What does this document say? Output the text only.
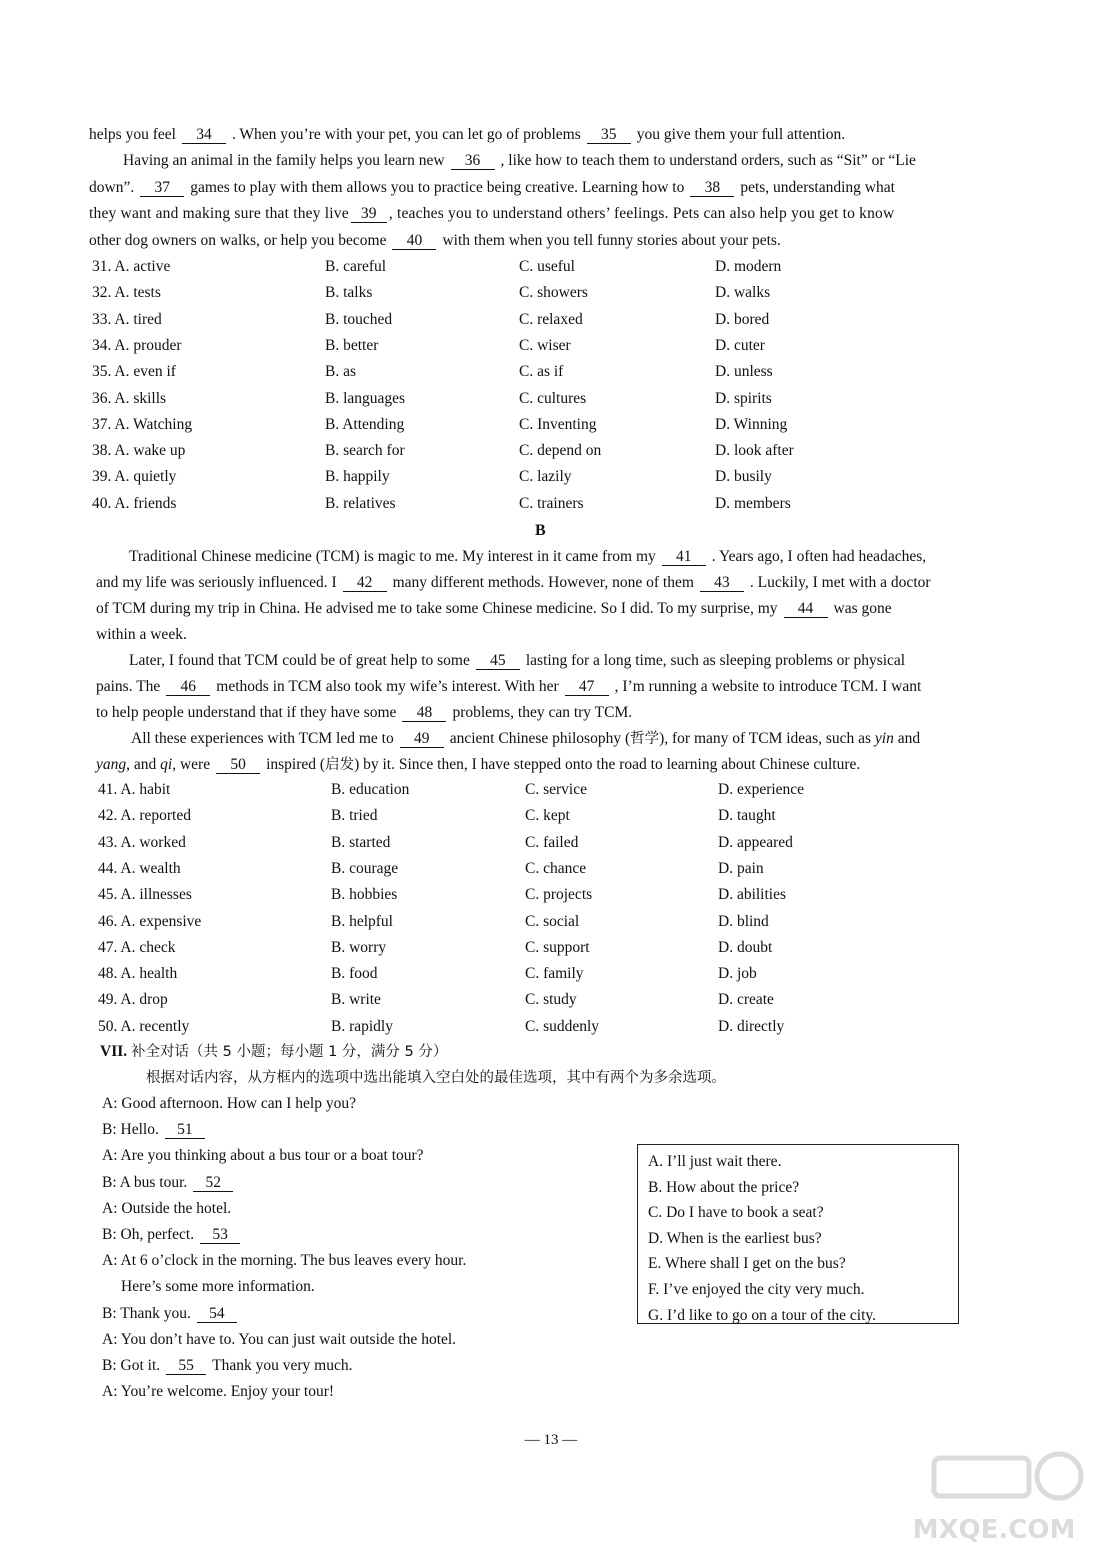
helps you feel 34 . When you’re with your pet, you can let go of problems 35 you give them your full attention.
Having an animal in the family helps you learn new 36 , like how to teach them to understand orders, such as “Sit” or “Lie
down”. 37 games to play with them allows you to practice being creative. Learning how to 38 pets, understanding what
they want and making sure that they live 39 , teaches you to understand others’ feelings. Pets can also help you get to know
other dog owners on walks, or help you become 40 with them when you tell funny stories about your pets.
31. A. active	B. careful	C. useful	D. modern
32. A. tests	B. talks	C. showers	D. walks
33. A. tired	B. touched	C. relaxed	D. bored
34. A. prouder	B. better	C. wiser	D. cuter
35. A. even if	B. as	C. as if	D. unless
36. A. skills	B. languages	C. cultures	D. spirits
37. A. Watching	B. Attending	C. Inventing	D. Winning
38. A. wake up	B. search for	C. depend on	D. look after
39. A. quietly	B. happily	C. lazily	D. busily
40. A. friends	B. relatives	C. trainers	D. members
B
Traditional Chinese medicine (TCM) is magic to me. My interest in it came from my 41 . Years ago, I often had headaches,
and my life was seriously influenced. I 42 many different methods. However, none of them 43 . Luckily, I met with a doctor
of TCM during my trip in China. He advised me to take some Chinese medicine. So I did. To my surprise, my 44 was gone
within a week.
Later, I found that TCM could be of great help to some 45 lasting for a long time, such as sleeping problems or physical
pains. The 46 methods in TCM also took my wife’s interest. With her 47 , I’m running a website to introduce TCM. I want
to help people understand that if they have some 48 problems, they can try TCM.
All these experiences with TCM led me to 49 ancient Chinese philosophy (哲学), for many of TCM ideas, such as yin and
yang, and qi, were 50 inspired (启发) by it. Since then, I have stepped onto the road to learning about Chinese culture.
41. A. habit	B. education	C. service	D. experience
42. A. reported	B. tried	C. kept	D. taught
43. A. worked	B. started	C. failed	D. appeared
44. A. wealth	B. courage	C. chance	D. pain
45. A. illnesses	B. hobbies	C. projects	D. abilities
46. A. expensive	B. helpful	C. social	D. blind
47. A. check	B. worry	C. support	D. doubt
48. A. health	B. food	C. family	D. job
49. A. drop	B. write	C. study	D. create
50. A. recently	B. rapidly	C. suddenly	D. directly
VII. 补全对话（共 5 小题；每小题 1 分，满分 5 分）
根据对话内容，从方框内的选项中选出能填入空白处的最佳选项，其中有两个为多余选项。
A: Good afternoon. How can I help you?
B: Hello. 51
A: Are you thinking about a bus tour or a boat tour?
B: A bus tour. 52
A: Outside the hotel.
B: Oh, perfect. 53
A: At 6 o’clock in the morning. The bus leaves every hour.
Here’s some more information.
B: Thank you. 54
A: You don’t have to. You can just wait outside the hotel.
B: Got it. 55 Thank you very much.
A: You’re welcome. Enjoy your tour!
A. I’ll just wait there.
B. How about the price?
C. Do I have to book a seat?
D. When is the earliest bus?
E. Where shall I get on the bus?
F. I’ve enjoyed the city very much.
G. I’d like to go on a tour of the city.
— 13 —
MXQE.COM
